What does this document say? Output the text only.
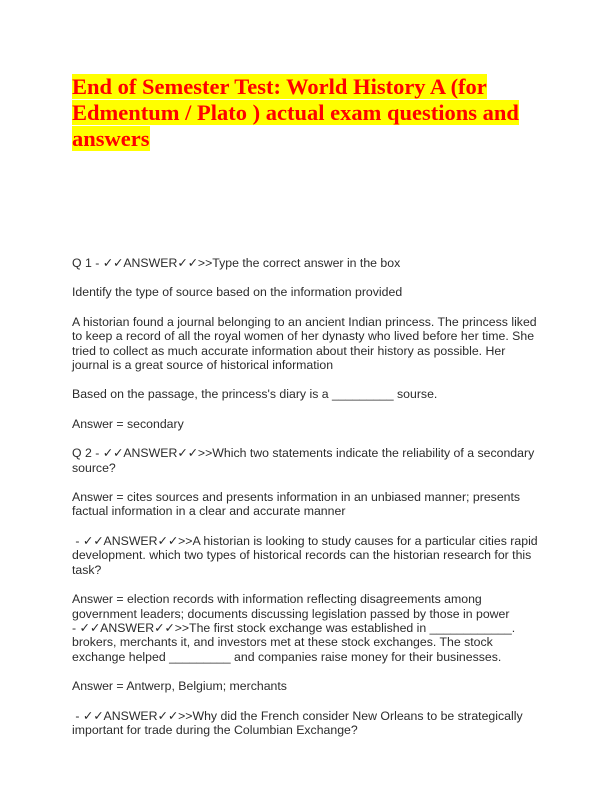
End of Semester Test: World History A (for Edmentum / Plato ) actual exam questions and answers

Q 1 - ✓✓ANSWER✓✓>>Type the correct answer in the box

Identify the type of source based on the information provided

A historian found a journal belonging to an ancient Indian princess. The princess liked to keep a record of all the royal women of her dynasty who lived before her time. She tried to collect as much accurate information about their history as possible. Her journal is a great source of historical information

Based on the passage, the princess's diary is a _________ sourse.

Answer = secondary

Q 2 - ✓✓ANSWER✓✓>>Which two statements indicate the reliability of a secondary source?

Answer = cites sources and presents information in an unbiased manner; presents factual information in a clear and accurate manner

- ✓✓ANSWER✓✓>>A historian is looking to study causes for a particular cities rapid development. which two types of historical records can the historian research for this task?

Answer = election records with information reflecting disagreements among government leaders; documents discussing legislation passed by those in power

- ✓✓ANSWER✓✓>>The first stock exchange was established in ____________. brokers, merchants it, and investors met at these stock exchanges. The stock exchange helped _________ and companies raise money for their businesses.

Answer = Antwerp, Belgium; merchants

- ✓✓ANSWER✓✓>>Why did the French consider New Orleans to be strategically important for trade during the Columbian Exchange?
